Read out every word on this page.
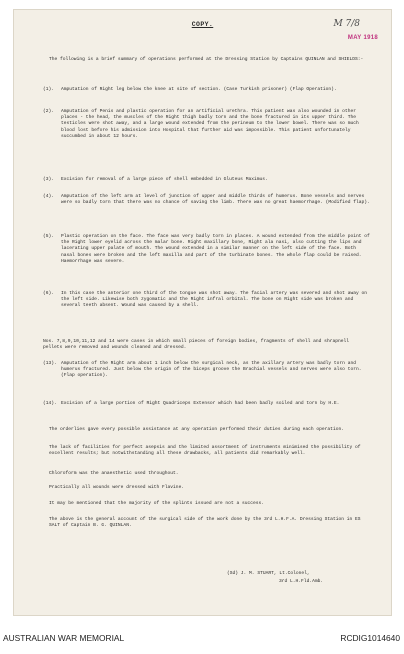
COPY.	M 7/8
MAY 1918
The following is a brief summary of operations performed at the Dressing Station by Captains QUINLAN and SHIELDS:-
(1).	Amputation of Right leg below the knee at site of section. (Case Turkish prisoner) (Flap Operation).
(2).	Amputation of Penis and plastic operation for an artificial urethra. This patient was also wounded in other places - the head, the muscles of the Right thigh badly torn and the bone fractured in its upper third. The testicles were shot away, and a large wound extended from the perineum to the lower bowel. There was so much blood lost before his admission into Hospital that further aid was impossible. This patient unfortunately succumbed in about 12 hours.
(3).	Excision for removal of a large piece of shell embedded in Gluteus Maximus.
(4).	Amputation of the left arm at level of junction of upper and middle thirds of humerus. Bone vessels and nerves were so badly torn that there was no chance of saving the limb. There was no great haemorrhage. (Modified flap).
(5).	Plastic operation on the face. The face was very badly torn in places. A wound extended from the middle point of the Right lower eyelid across the malar bone. Right maxillary bone, Right ala nasi, also cutting the lips and lacerating upper palate of mouth. The wound extended in a similar manner on the left side of the face. Both nasal bones were broken and the left maxilla and part of the turbinate bones. The whole flap could be raised. Haemorrhage was severe.
(6).	In this case the anterior one third of the tongue was shot away. The facial artery was severed and shot away on the left side. Likewise both zygomatic and the Right infral orbital. The bone on Right side was broken and several teeth absent. Wound was caused by a shell.
Nos. 7,8,9,10,11,12 and 14 were cases in which small pieces of foreign bodies, fragments of shell and shrapnell pellets were removed and wounds cleaned and dressed.
(13). Amputation of the Right arm about 1 inch below the surgical neck, as the axillary artery was badly torn and humerus fractured. Just below the origin of the biceps groove the Brachial vessels and nerves were also torn. (Flap operation).
(14). Excision of a large portion of Right Quadriceps Extensor which had been badly soiled and torn by H.E.
The orderlies gave every possible assistance at any operation performed their duties during each operation.
The lack of facilities for perfect asepsis and the limited assortment of instruments minimised the possibility of excellent results; but notwithstanding all these drawbacks, all patients did remarkably well.
Chloroform was the anaesthetic used throughout.
Practically all wounds were dressed with Flavine.
It may be mentioned that the majority of the splints issued are not a success.
The above is the general account of the surgical side of the work done by the 3rd L.H.F.A. Dressing Station in ES SALT of Captain B. G. QUINLAN.
(Sd) J. M. STUART, Lt.Colonel,
3rd L.H.Fld.Amb.
AUSTRALIAN WAR MEMORIAL	RCDIG1014640
